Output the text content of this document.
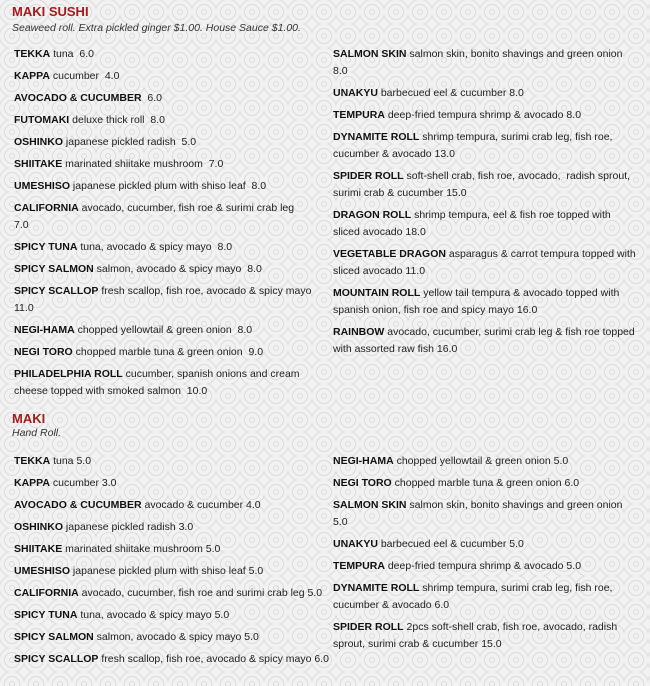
MAKI SUSHI
Seaweed roll. Extra pickled ginger $1.00. House Sauce $1.00.
TEKKA tuna  6.0
KAPPA cucumber  4.0
AVOCADO & CUCUMBER  6.0
FUTOMAKI deluxe thick roll  8.0
OSHINKO japanese pickled radish  5.0
SHIITAKE marinated shiitake mushroom  7.0
UMESHISO japanese pickled plum with shiso leaf  8.0
CALIFORNIA avocado, cucumber, fish roe & surimi crab leg  7.0
SPICY TUNA tuna, avocado & spicy mayo  8.0
SPICY SALMON salmon, avocado & spicy mayo  8.0
SPICY SCALLOP fresh scallop, fish roe, avocado & spicy mayo  11.0
NEGI-HAMA chopped yellowtail & green onion  8.0
NEGI TORO chopped marble tuna & green onion  9.0
PHILADELPHIA ROLL cucumber, spanish onions and cream cheese topped with smoked salmon  10.0
SALMON SKIN salmon skin, bonito shavings and green onion 8.0
UNAKYU barbecued eel & cucumber 8.0
TEMPURA deep-fried tempura shrimp & avocado 8.0
DYNAMITE ROLL shrimp tempura, surimi crab leg, fish roe, cucumber & avocado 13.0
SPIDER ROLL soft-shell crab, fish roe, avocado,  radish sprout, surimi crab & cucumber 15.0
DRAGON ROLL shrimp tempura, eel & fish roe topped with sliced avocado 18.0
VEGETABLE DRAGON asparagus & carrot tempura topped with sliced avocado 11.0
MOUNTAIN ROLL yellow tail tempura & avocado topped with spanish onion, fish roe and spicy mayo 16.0
RAINBOW avocado, cucumber, surimi crab leg & fish roe topped with assorted raw fish 16.0
MAKI
Hand Roll.
TEKKA tuna 5.0
KAPPA cucumber 3.0
AVOCADO & CUCUMBER avocado & cucumber 4.0
OSHINKO japanese pickled radish 3.0
SHIITAKE marinated shiitake mushroom 5.0
UMESHISO japanese pickled plum with shiso leaf 5.0
CALIFORNIA avocado, cucumber, fish roe and surimi crab leg 5.0
SPICY TUNA tuna, avocado & spicy mayo 5.0
SPICY SALMON salmon, avocado & spicy mayo 5.0
SPICY SCALLOP fresh scallop, fish roe, avocado & spicy mayo 6.0
NEGI-HAMA chopped yellowtail & green onion 5.0
NEGI TORO chopped marble tuna & green onion 6.0
SALMON SKIN salmon skin, bonito shavings and green onion 5.0
UNAKYU barbecued eel & cucumber 5.0
TEMPURA deep-fried tempura shrimp & avocado 5.0
DYNAMITE ROLL shrimp tempura, surimi crab leg, fish roe, cucumber & avocado 6.0
SPIDER ROLL 2pcs soft-shell crab, fish roe, avocado, radish sprout, surimi crab & cucumber 15.0
